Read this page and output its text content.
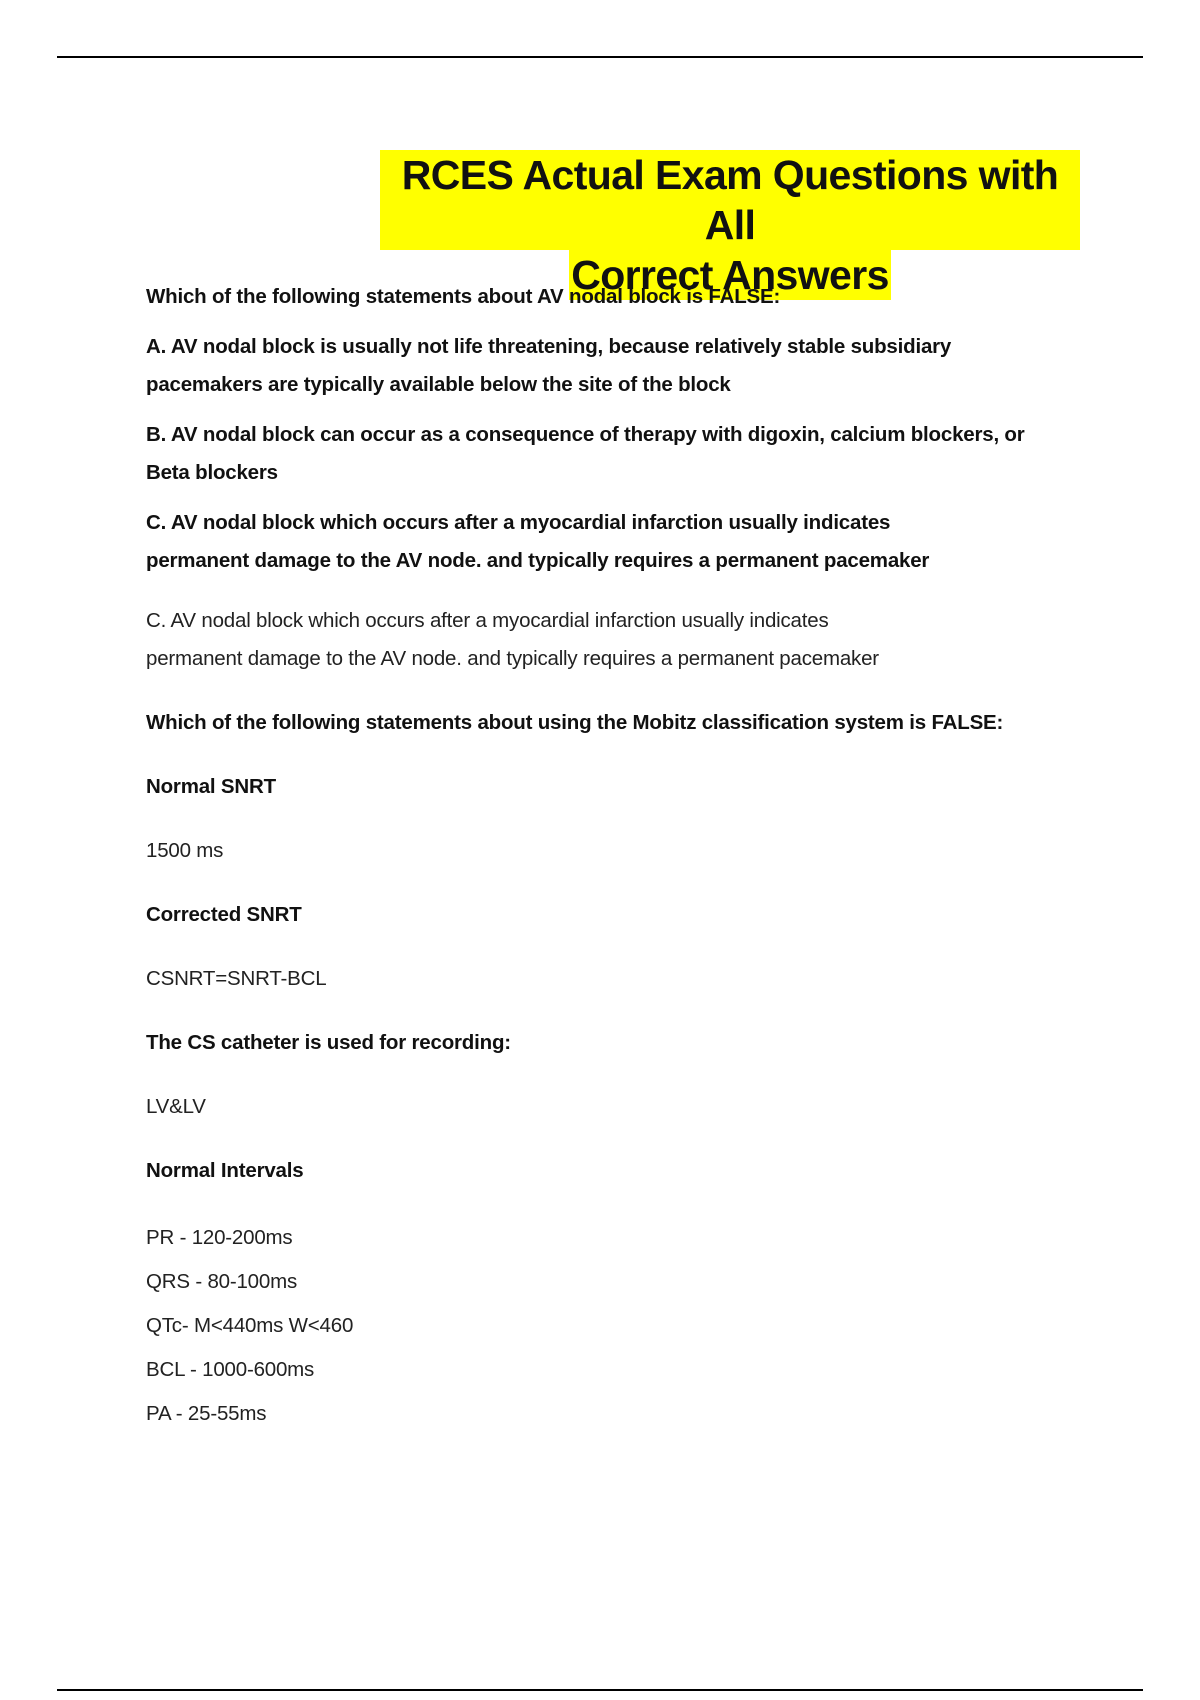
RCES Actual Exam Questions with All
Correct Answers

Which of the following statements about AV nodal block is FALSE:

A. AV nodal block is usually not life threatening, because relatively stable subsidiary

pacemakers are typically available below the site of the block

B. AV nodal block can occur as a consequence of therapy with digoxin, calcium blockers, or

Beta blockers

C. AV nodal block which occurs after a myocardial infarction usually indicates

permanent damage to the AV node. and typically requires a permanent pacemaker

C. AV nodal block which occurs after a myocardial infarction usually indicates

permanent damage to the AV node. and typically requires a permanent pacemaker

Which of the following statements about using the Mobitz classification system is FALSE:

Normal SNRT

1500 ms

Corrected SNRT

CSNRT=SNRT-BCL

The CS catheter is used for recording:

LV&LV

Normal Intervals

PR - 120-200ms

QRS - 80-100ms

QTc- M<440ms W<460

BCL - 1000-600ms

PA - 25-55ms
